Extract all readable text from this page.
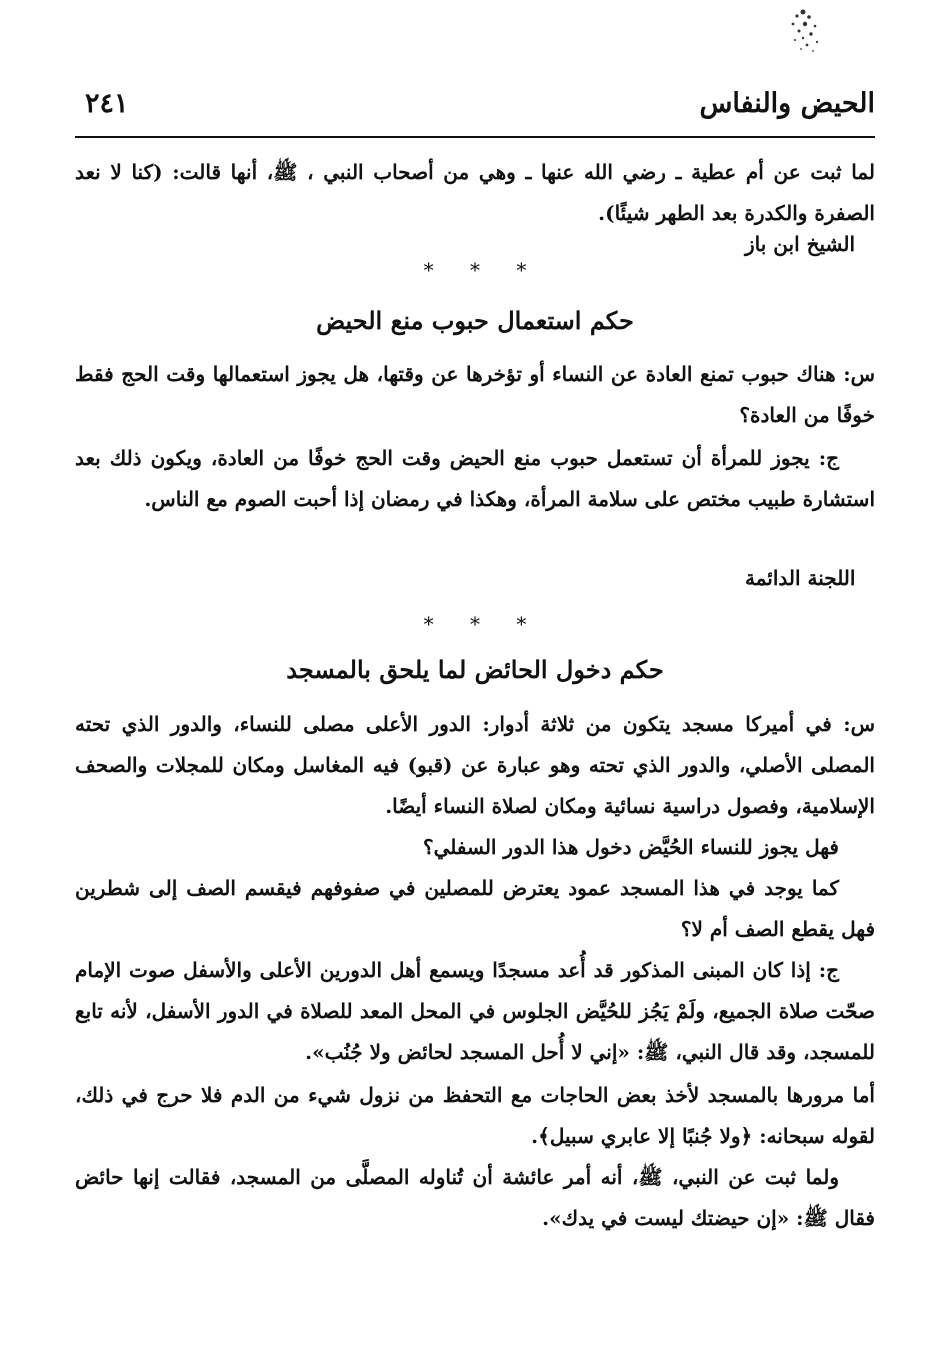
الحيض والنفاس
٢٤١

لما ثبت عن أم عطية ـ رضي الله عنها ـ وهي من أصحاب النبي ، ﷺ، أنها قالت: (كنا لا نعد الصفرة والكدرة بعد الطهر شيئًا).

الشيخ ابن باز
* * *
حكم استعمال حبوب منع الحيض

س: هناك حبوب تمنع العادة عن النساء أو تؤخرها عن وقتها، هل يجوز استعمالها وقت الحج فقط خوفًا من العادة؟

ج: يجوز للمرأة أن تستعمل حبوب منع الحيض وقت الحج خوفًا من العادة، ويكون ذلك بعد استشارة طبيب مختص على سلامة المرأة، وهكذا في رمضان إذا أحبت الصوم مع الناس.

اللجنة الدائمة
* * *
حكم دخول الحائض لما يلحق بالمسجد

س: في أميركا مسجد يتكون من ثلاثة أدوار: الدور الأعلى مصلى للنساء، والدور الذي تحته المصلى الأصلي، والدور الذي تحته وهو عبارة عن (قبو) فيه المغاسل ومكان للمجلات والصحف الإسلامية، وفصول دراسية نسائية ومكان لصلاة النساء أيضًا.

فهل يجوز للنساء الحُيَّض دخول هذا الدور السفلي؟

كما يوجد في هذا المسجد عمود يعترض للمصلين في صفوفهم فيقسم الصف إلى شطرين فهل يقطع الصف أم لا؟

ج: إذا كان المبنى المذكور قد أُعد مسجدًا ويسمع أهل الدورين الأعلى والأسفل صوت الإمام صحّت صلاة الجميع، ولَمْ يَجُز للحُيَّض الجلوس في المحل المعد للصلاة في الدور الأسفل، لأنه تابع للمسجد، وقد قال النبي، ﷺ: «إني لا أُحل المسجد لحائض ولا جُنُب».

أما مرورها بالمسجد لأخذ بعض الحاجات مع التحفظ من نزول شيء من الدم فلا حرج في ذلك، لقوله سبحانه: ﴿ولا جُنبًا إلا عابري سبيل﴾.

ولما ثبت عن النبي، ﷺ، أنه أمر عائشة أن تُناوله المصلَّى من المسجد، فقالت إنها حائض فقال ﷺ: «إن حيضتك ليست في يدك».
